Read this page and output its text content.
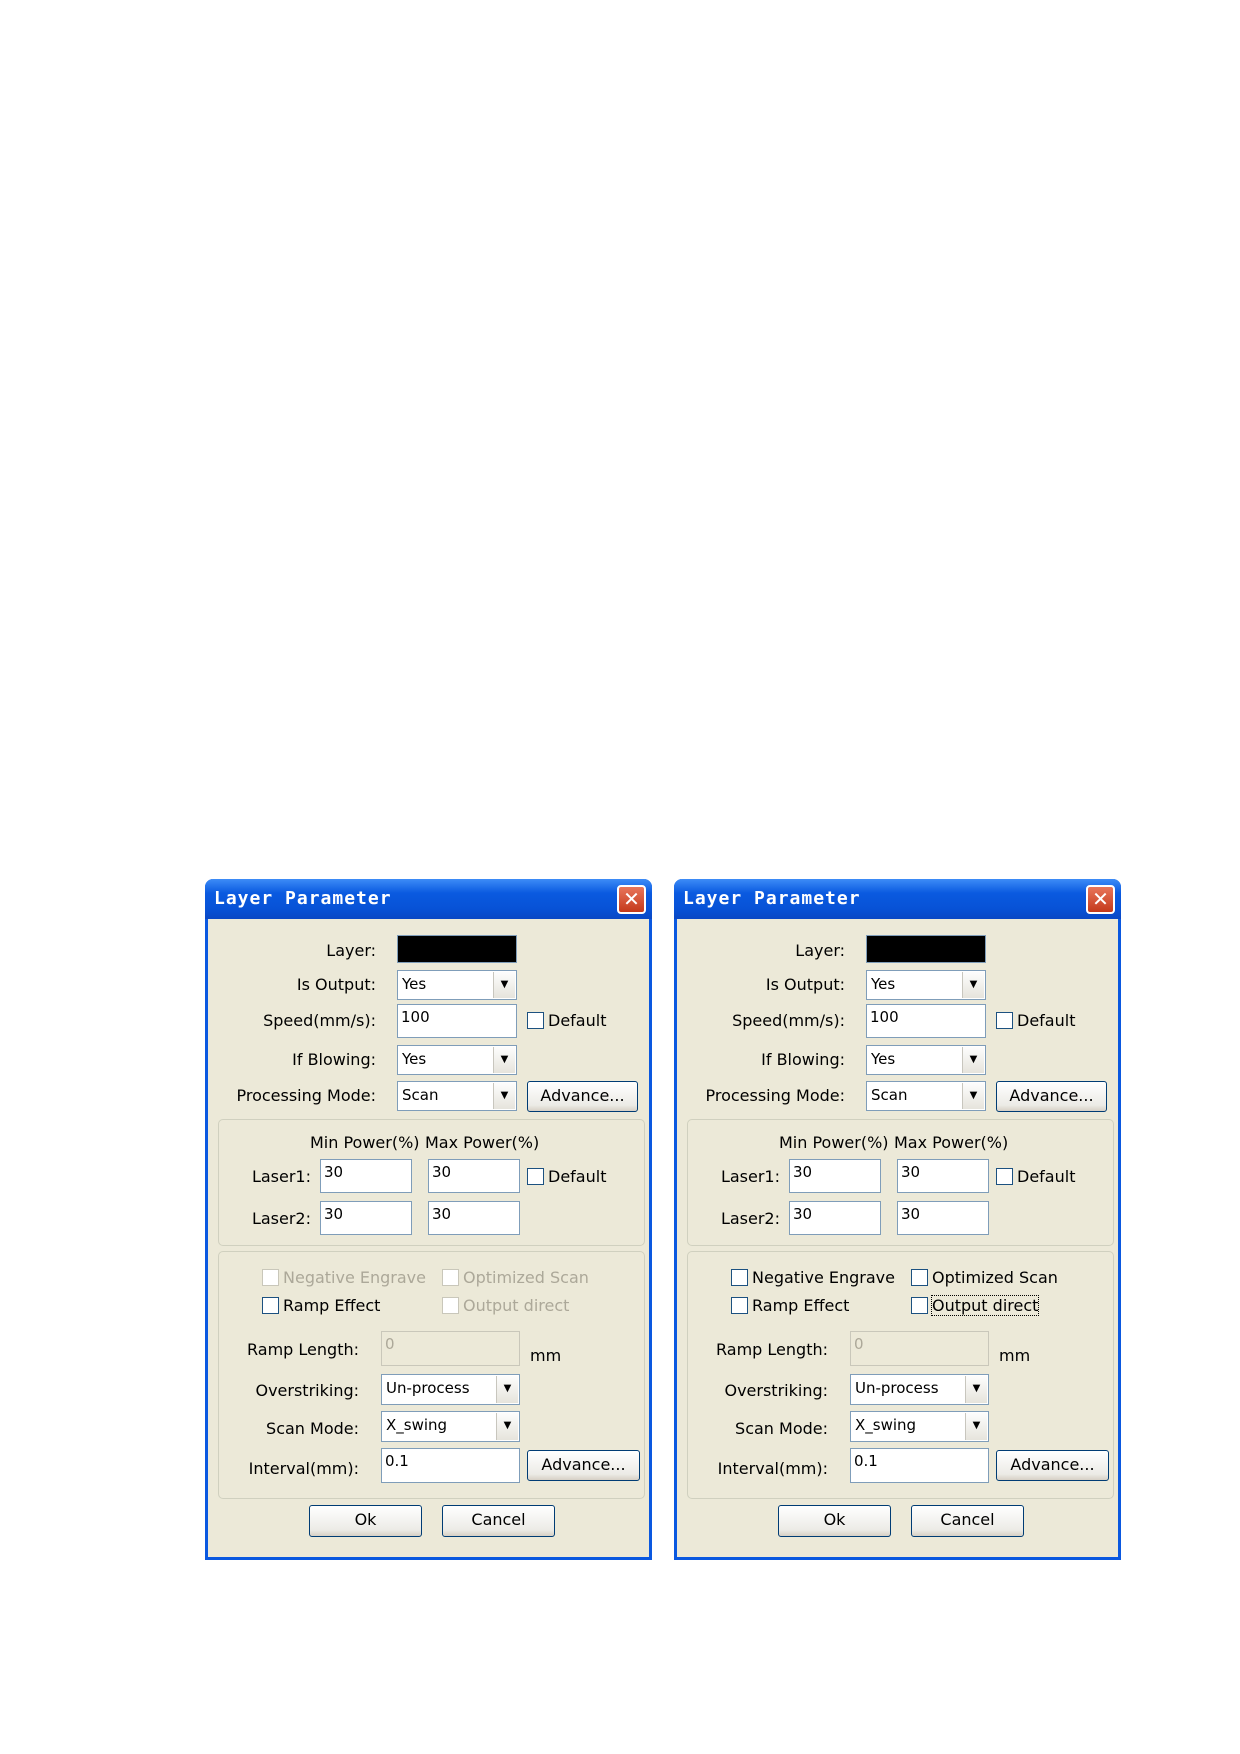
Layer Parameter	✕
Layer:
Is Output:	Yes	▼
Speed(mm/s): 100	Default
If Blowing:	Yes	▼
Processing Mode:	Scan	▼	Advance...
Min Power(%) Max Power(%)
Laser1: 30	30	Default
Laser2: 30	30
Negative Engrave	Optimized Scan
Ramp Effect	Output direct
Ramp Length: 0
mm
Overstriking:	Un-process	▼
Scan Mode:	X_swing	▼
Interval(mm): 0.1	Advance...
Ok	Cancel
Layer Parameter	✕
Layer:
Is Output:	Yes	▼
Speed(mm/s): 100	Default
If Blowing:	Yes	▼
Processing Mode:	Scan	▼	Advance...
Min Power(%) Max Power(%)
Laser1: 30	30	Default
Laser2: 30	30
Negative Engrave	Optimized Scan
Ramp Effect	Output direct
Ramp Length: 0
mm
Overstriking:	Un-process	▼
Scan Mode:	X_swing	▼
Interval(mm): 0.1	Advance...
Ok	Cancel
